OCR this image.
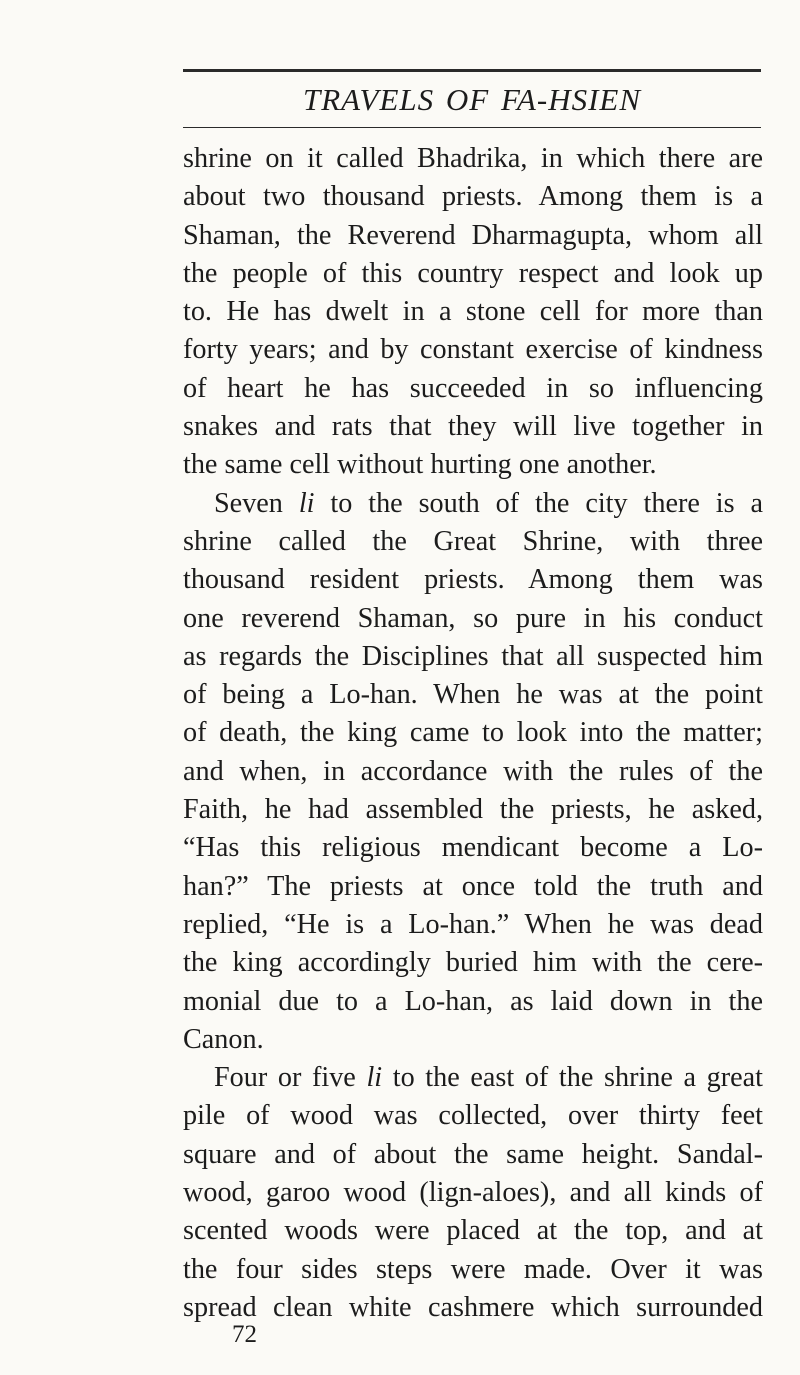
TRAVELS OF FA-HSIEN
shrine on it called Bhadrika, in which there are
about two thousand priests. Among them is a
Shaman, the Reverend Dharmagupta, whom all
the people of this country respect and look up
to. He has dwelt in a stone cell for more than
forty years; and by constant exercise of kindness
of heart he has succeeded in so influencing
snakes and rats that they will live together in
the same cell without hurting one another.
Seven li to the south of the city there is a
shrine called the Great Shrine, with three
thousand resident priests. Among them was
one reverend Shaman, so pure in his conduct
as regards the Disciplines that all suspected him
of being a Lo-han. When he was at the point
of death, the king came to look into the matter;
and when, in accordance with the rules of the
Faith, he had assembled the priests, he asked,
“Has this religious mendicant become a Lo-
han?” The priests at once told the truth and
replied, “He is a Lo-han.” When he was dead
the king accordingly buried him with the cere-
monial due to a Lo-han, as laid down in the
Canon.
Four or five li to the east of the shrine a great
pile of wood was collected, over thirty feet
square and of about the same height. Sandal-
wood, garoo wood (lign-aloes), and all kinds of
scented woods were placed at the top, and at
the four sides steps were made. Over it was
spread clean white cashmere which surrounded
72
